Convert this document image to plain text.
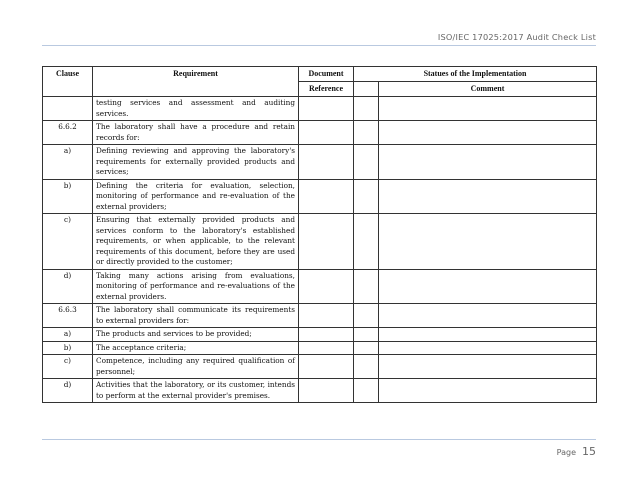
ISO/IEC 17025:2017 Audit Check List
Clause	Requirement	Document	Statues of the Implementation	
		Reference		Comment
	testing services and assessment and auditing services.			
6.6.2	The laboratory shall have a procedure and retain records for:			
a)	Defining reviewing and approving the laboratory's requirements for externally provided products and services;			
b)	Defining the criteria for evaluation, selection, monitoring of performance and re-evaluation of the external providers;			
c)	Ensuring that externally provided products and services conform to the laboratory's established requirements, or when applicable, to the relevant requirements of this document, before they are used or directly provided to the customer;			
d)	Taking many actions arising from evaluations, monitoring of performance and re-evaluations of the external providers.			
6.6.3	The laboratory shall communicate its requirements to external providers for:			
a)	The products and services to be provided;			
b)	The acceptance criteria;			
c)	Competence, including any required qualification of personnel;			
d)	Activities that the laboratory, or its customer, intends to perform at the external provider's premises.			
Page 15
